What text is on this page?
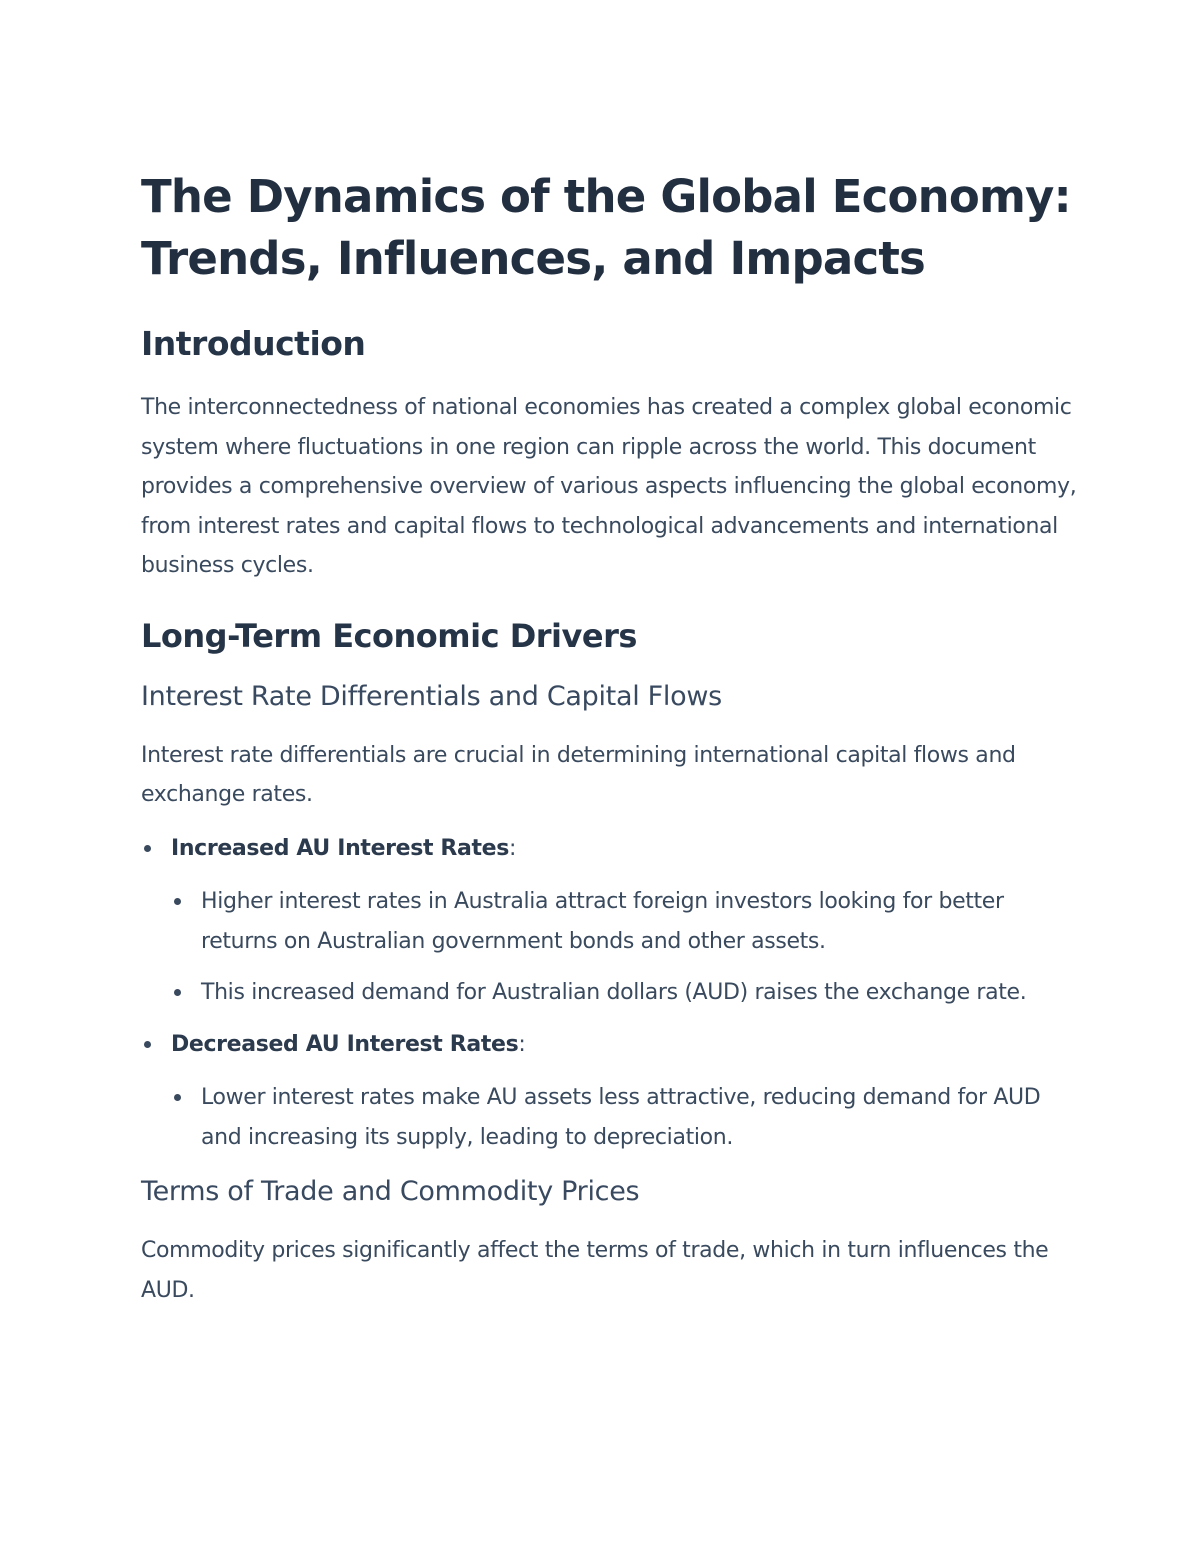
The Dynamics of the Global Economy:
Trends, Influences, and Impacts
Introduction

The interconnectedness of national economies has created a complex global economic system where fluctuations in one region can ripple across the world. This document provides a comprehensive overview of various aspects influencing the global economy, from interest rates and capital flows to technological advancements and international business cycles.

Long-Term Economic Drivers
Interest Rate Differentials and Capital Flows

Interest rate differentials are crucial in determining international capital flows and exchange rates.

Increased AU Interest Rates:
Higher interest rates in Australia attract foreign investors looking for better returns on Australian government bonds and other assets.
This increased demand for Australian dollars (AUD) raises the exchange rate.
Decreased AU Interest Rates:
Lower interest rates make AU assets less attractive, reducing demand for AUD and increasing its supply, leading to depreciation.
Terms of Trade and Commodity Prices

Commodity prices significantly affect the terms of trade, which in turn influences the AUD.
